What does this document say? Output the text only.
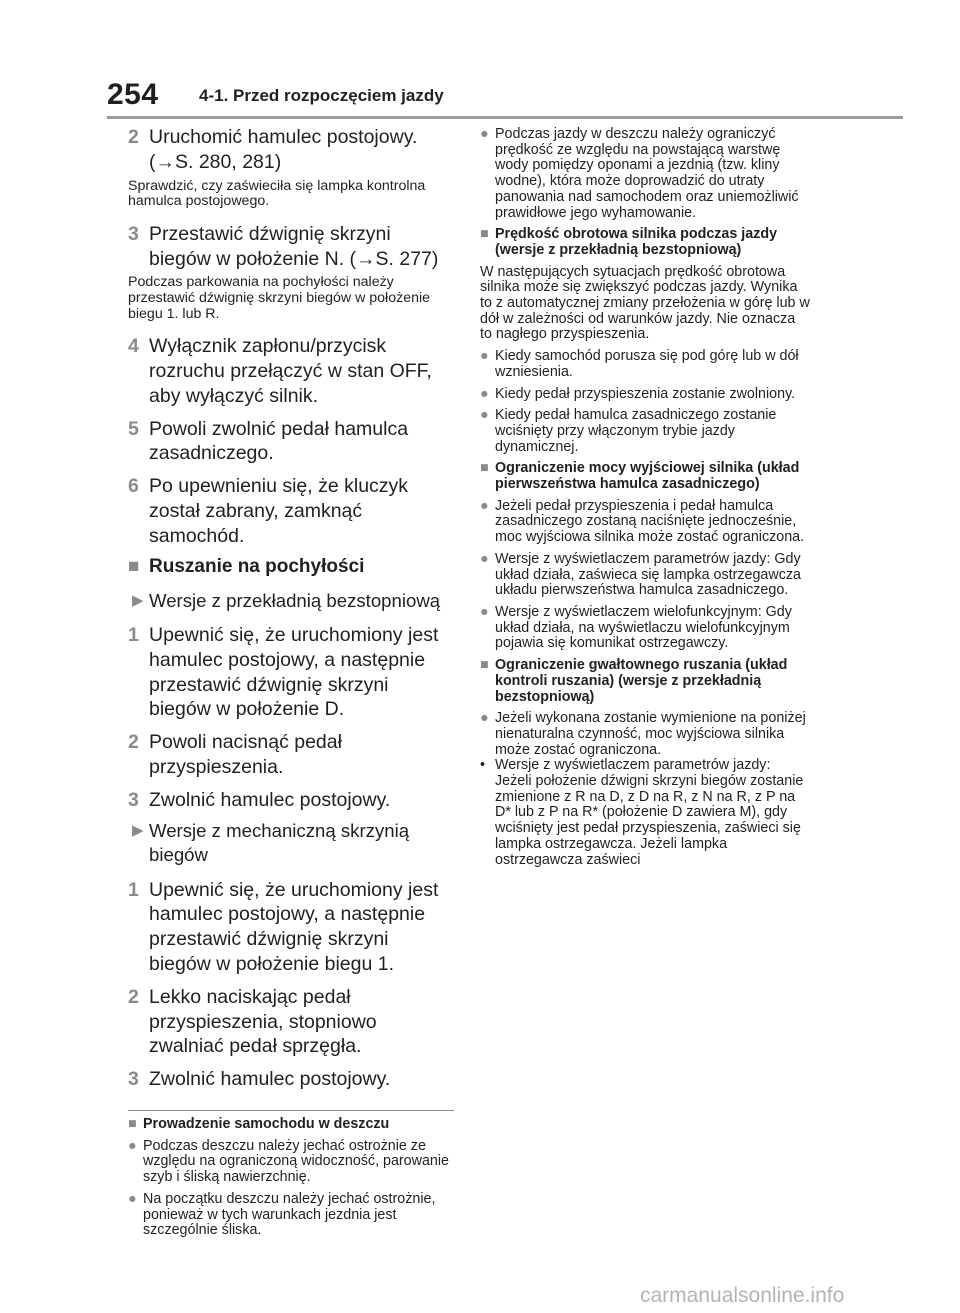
254 4-1. Przed rozpoczęciem jazdy
2 Uruchomić hamulec postojowy. (→S. 280, 281)
Sprawdzić, czy zaświeciła się lampka kontrolna hamulca postojowego.
3 Przestawić dźwignię skrzyni biegów w położenie N. (→S. 277)
Podczas parkowania na pochyłości należy przestawić dźwignię skrzyni biegów w położenie biegu 1. lub R.
4 Wyłącznik zapłonu/przycisk rozruchu przełączyć w stan OFF, aby wyłączyć silnik.
5 Powoli zwolnić pedał hamulca zasadniczego.
6 Po upewnieniu się, że kluczyk został zabrany, zamknąć samochód.
■ Ruszanie na pochyłości
▶ Wersje z przekładnią bezstopniową
1 Upewnić się, że uruchomiony jest hamulec postojowy, a następnie przestawić dźwignię skrzyni biegów w położenie D.
2 Powoli nacisnąć pedał przyspieszenia.
3 Zwolnić hamulec postojowy.
▶ Wersje z mechaniczną skrzynią biegów
1 Upewnić się, że uruchomiony jest hamulec postojowy, a następnie przestawić dźwignię skrzyni biegów w położenie biegu 1.
2 Lekko naciskając pedał przyspieszenia, stopniowo zwalniać pedał sprzęgła.
3 Zwolnić hamulec postojowy.
■ Prowadzenie samochodu w deszczu
● Podczas deszczu należy jechać ostrożnie ze względu na ograniczoną widoczność, parowanie szyb i śliską nawierzchnię.
● Na początku deszczu należy jechać ostrożnie, ponieważ w tych warunkach jezdnia jest szczególnie śliska.
● Podczas jazdy w deszczu należy ograniczyć prędkość ze względu na powstającą warstwę wody pomiędzy oponami a jezdnią (tzw. kliny wodne), która może doprowadzić do utraty panowania nad samochodem oraz uniemożliwić prawidłowe jego wyhamowanie.
■ Prędkość obrotowa silnika podczas jazdy (wersje z przekładnią bezstopniową)
W następujących sytuacjach prędkość obrotowa silnika może się zwiększyć podczas jazdy. Wynika to z automatycznej zmiany przełożenia w górę lub w dół w zależności od warunków jazdy. Nie oznacza to nagłego przyspieszenia.
● Kiedy samochód porusza się pod górę lub w dół wzniesienia.
● Kiedy pedał przyspieszenia zostanie zwolniony.
● Kiedy pedał hamulca zasadniczego zostanie wciśnięty przy włączonym trybie jazdy dynamicznej.
■ Ograniczenie mocy wyjściowej silnika (układ pierwszeństwa hamulca zasadniczego)
● Jeżeli pedał przyspieszenia i pedał hamulca zasadniczego zostaną naciśnięte jednocześnie, moc wyjściowa silnika może zostać ograniczona.
● Wersje z wyświetlaczem parametrów jazdy: Gdy układ działa, zaświeca się lampka ostrzegawcza układu pierwszeństwa hamulca zasadniczego.
● Wersje z wyświetlaczem wielofunkcyjnym: Gdy układ działa, na wyświetlaczu wielofunkcyjnym pojawia się komunikat ostrzegawczy.
■ Ograniczenie gwałtownego ruszania (układ kontroli ruszania) (wersje z przekładnią bezstopniową)
● Jeżeli wykonana zostanie wymienione na poniżej nienaturalna czynność, moc wyjściowa silnika może zostać ograniczona.
• Wersje z wyświetlaczem parametrów jazdy: Jeżeli położenie dźwigni skrzyni biegów zostanie zmienione z R na D, z D na R, z N na R, z P na D* lub z P na R* (położenie D zawiera M), gdy wciśnięty jest pedał przyspieszenia, zaświeci się lampka ostrzegawcza. Jeżeli lampka ostrzegawcza zaświeci
carmanualsonline.info
